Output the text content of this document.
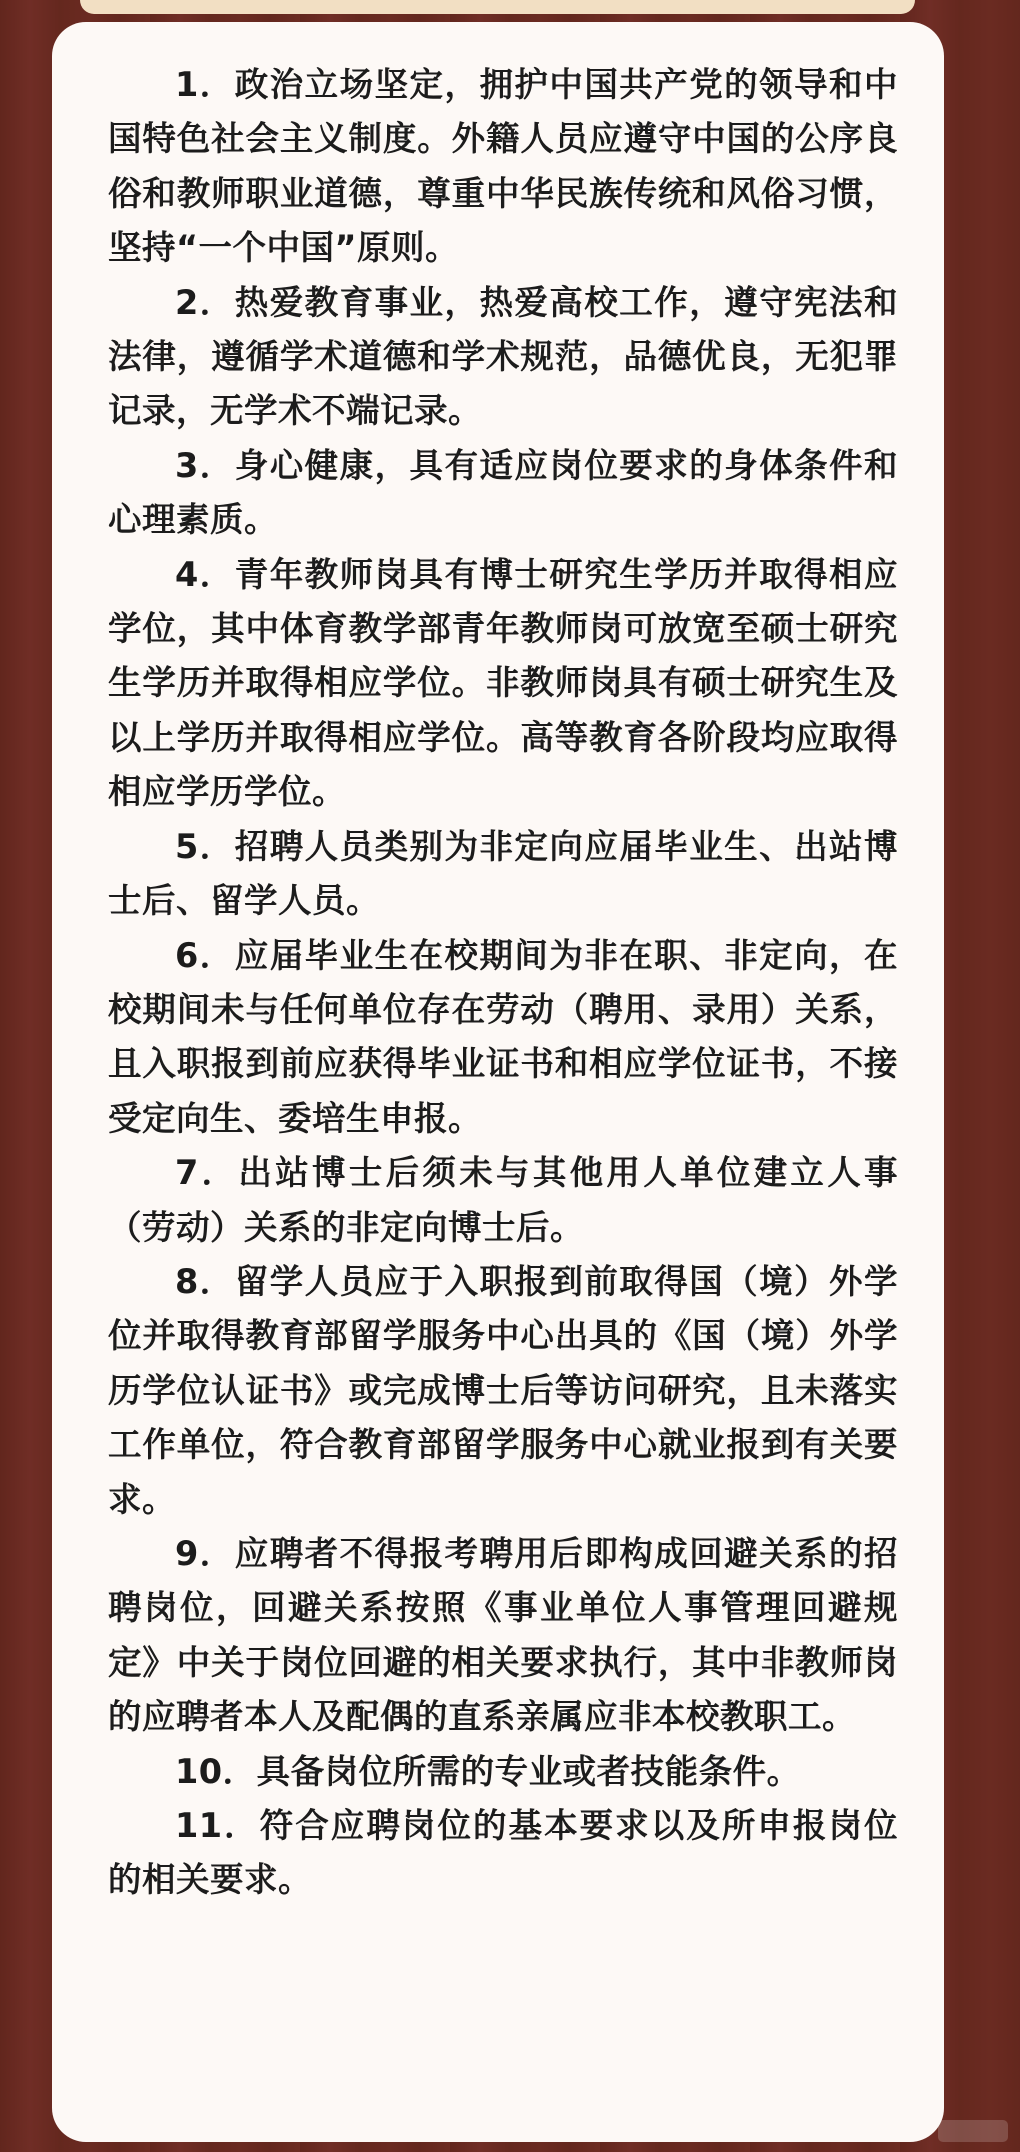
1．政治立场坚定，拥护中国共产党的领导和中国特色社会主义制度。外籍人员应遵守中国的公序良俗和教师职业道德，尊重中华民族传统和风俗习惯，坚持“一个中国”原则。

2．热爱教育事业，热爱高校工作，遵守宪法和法律，遵循学术道德和学术规范，品德优良，无犯罪记录，无学术不端记录。

3．身心健康，具有适应岗位要求的身体条件和心理素质。

4．青年教师岗具有博士研究生学历并取得相应学位，其中体育教学部青年教师岗可放宽至硕士研究生学历并取得相应学位。非教师岗具有硕士研究生及以上学历并取得相应学位。高等教育各阶段均应取得相应学历学位。

5．招聘人员类别为非定向应届毕业生、出站博士后、留学人员。

6．应届毕业生在校期间为非在职、非定向，在校期间未与任何单位存在劳动（聘用、录用）关系，且入职报到前应获得毕业证书和相应学位证书，不接受定向生、委培生申报。

7．出站博士后须未与其他用人单位建立人事（劳动）关系的非定向博士后。

8．留学人员应于入职报到前取得国（境）外学位并取得教育部留学服务中心出具的《国（境）外学历学位认证书》或完成博士后等访问研究，且未落实工作单位，符合教育部留学服务中心就业报到有关要求。

9．应聘者不得报考聘用后即构成回避关系的招聘岗位，回避关系按照《事业单位人事管理回避规定》中关于岗位回避的相关要求执行，其中非教师岗的应聘者本人及配偶的直系亲属应非本校教职工。

10．具备岗位所需的专业或者技能条件。

11．符合应聘岗位的基本要求以及所申报岗位的相关要求。
